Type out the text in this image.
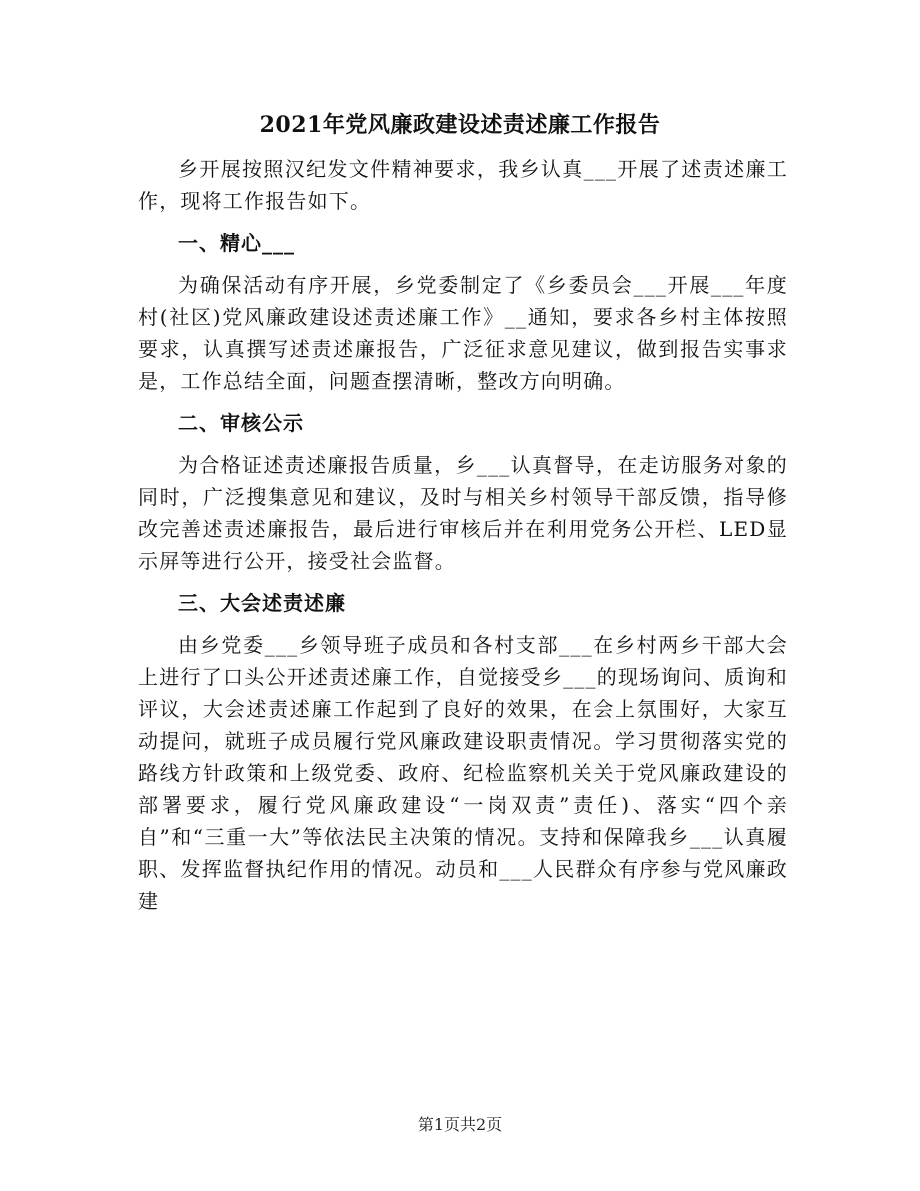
2021年党风廉政建设述责述廉工作报告

乡开展按照汉纪发文件精神要求，我乡认真___开展了述责述廉工作，现将工作报告如下。

一、精心___

为确保活动有序开展，乡党委制定了《乡委员会___开展___年度村(社区)党风廉政建设述责述廉工作》__通知，要求各乡村主体按照要求，认真撰写述责述廉报告，广泛征求意见建议，做到报告实事求是，工作总结全面，问题查摆清晰，整改方向明确。

二、审核公示

为合格证述责述廉报告质量，乡___认真督导，在走访服务对象的同时，广泛搜集意见和建议，及时与相关乡村领导干部反馈，指导修改完善述责述廉报告，最后进行审核后并在利用党务公开栏、LED显示屏等进行公开，接受社会监督。

三、大会述责述廉

由乡党委___乡领导班子成员和各村支部___在乡村两乡干部大会上进行了口头公开述责述廉工作，自觉接受乡___的现场询问、质询和评议，大会述责述廉工作起到了良好的效果，在会上氛围好，大家互动提问，就班子成员履行党风廉政建设职责情况。学习贯彻落实党的路线方针政策和上级党委、政府、纪检监察机关关于党风廉政建设的部署要求，履行党风廉政建设“一岗双责”责任)、落实“四个亲自”和“三重一大”等依法民主决策的情况。支持和保障我乡___认真履职、发挥监督执纪作用的情况。动员和___人民群众有序参与党风廉政建

第1页共2页
